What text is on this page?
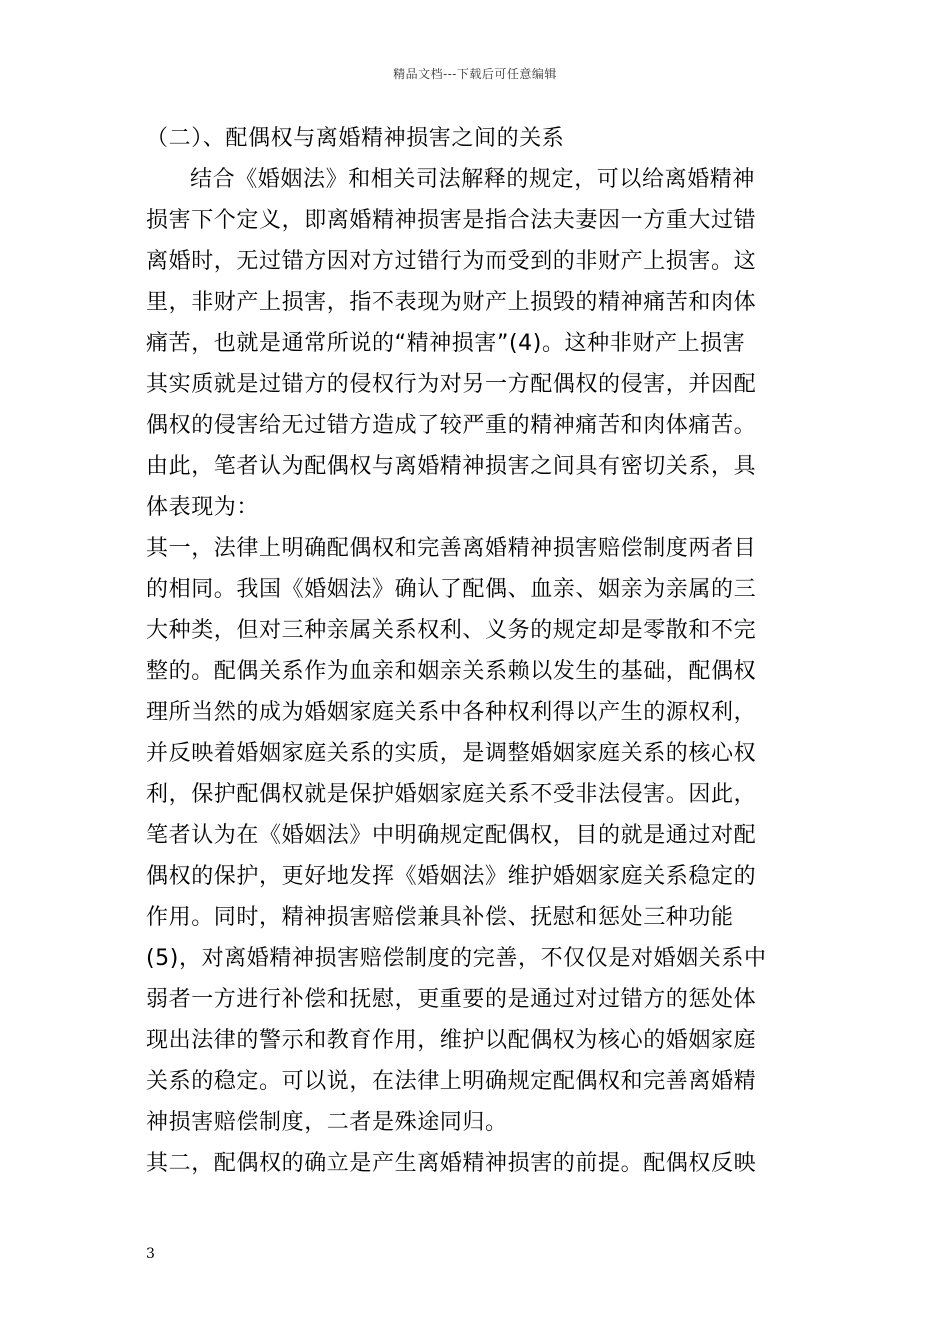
精品文档---下载后可任意编辑
（二）、配偶权与离婚精神损害之间的关系
结合《婚姻法》和相关司法解释的规定，可以给离婚精神
损害下个定义，即离婚精神损害是指合法夫妻因一方重大过错
离婚时，无过错方因对方过错行为而受到的非财产上损害。这
里，非财产上损害，指不表现为财产上损毁的精神痛苦和肉体
痛苦，也就是通常所说的“精神损害”(4)。这种非财产上损害
其实质就是过错方的侵权行为对另一方配偶权的侵害，并因配
偶权的侵害给无过错方造成了较严重的精神痛苦和肉体痛苦。
由此，笔者认为配偶权与离婚精神损害之间具有密切关系，具
体表现为：
其一，法律上明确配偶权和完善离婚精神损害赔偿制度两者目
的相同。我国《婚姻法》确认了配偶、血亲、姻亲为亲属的三
大种类，但对三种亲属关系权利、义务的规定却是零散和不完
整的。配偶关系作为血亲和姻亲关系赖以发生的基础，配偶权
理所当然的成为婚姻家庭关系中各种权利得以产生的源权利，
并反映着婚姻家庭关系的实质，是调整婚姻家庭关系的核心权
利，保护配偶权就是保护婚姻家庭关系不受非法侵害。因此，
笔者认为在《婚姻法》中明确规定配偶权，目的就是通过对配
偶权的保护，更好地发挥《婚姻法》维护婚姻家庭关系稳定的
作用。同时，精神损害赔偿兼具补偿、抚慰和惩处三种功能
(5)，对离婚精神损害赔偿制度的完善，不仅仅是对婚姻关系中
弱者一方进行补偿和抚慰，更重要的是通过对过错方的惩处体
现出法律的警示和教育作用，维护以配偶权为核心的婚姻家庭
关系的稳定。可以说，在法律上明确规定配偶权和完善离婚精
神损害赔偿制度，二者是殊途同归。
其二，配偶权的确立是产生离婚精神损害的前提。配偶权反映
3
